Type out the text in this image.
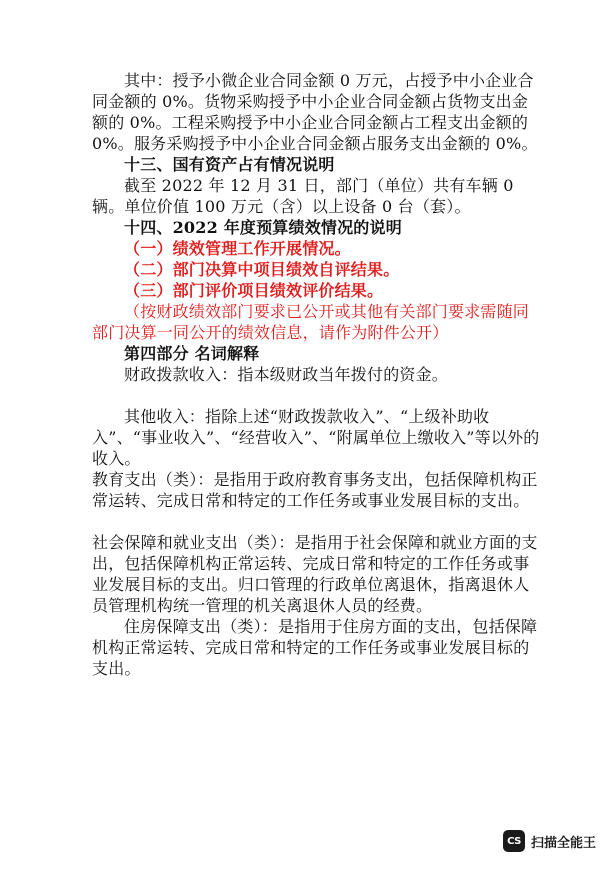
其中：授予小微企业合同金额 0 万元，占授予中小企业合同金额的 0%。货物采购授予中小企业合同金额占货物支出金额的 0%。工程采购授予中小企业合同金额占工程支出金额的 0%。服务采购授予中小企业合同金额占服务支出金额的 0%。
十三、国有资产占有情况说明
截至 2022 年 12 月 31 日，部门（单位）共有车辆 0 辆。单位价值 100 万元（含）以上设备 0 台（套）。
十四、2022 年度预算绩效情况的说明
（一）绩效管理工作开展情况。
（二）部门决算中项目绩效自评结果。
（三）部门评价项目绩效评价结果。
（按财政绩效部门要求已公开或其他有关部门要求需随同部门决算一同公开的绩效信息，请作为附件公开）
第四部分 名词解释
财政拨款收入：指本级财政当年拨付的资金。
其他收入：指除上述“财政拨款收入”、“上级补助收入”、“事业收入”、“经营收入”、“附属单位上缴收入”等以外的收入。
教育支出（类）：是指用于政府教育事务支出，包括保障机构正常运转、完成日常和特定的工作任务或事业发展目标的支出。
社会保障和就业支出（类）：是指用于社会保障和就业方面的支出，包括保障机构正常运转、完成日常和特定的工作任务或事业发展目标的支出。归口管理的行政单位离退休，指离退休人员管理机构统一管理的机关离退休人员的经费。
住房保障支出（类）：是指用于住房方面的支出，包括保障机构正常运转、完成日常和特定的工作任务或事业发展目标的支出。
CS 扫描全能王
